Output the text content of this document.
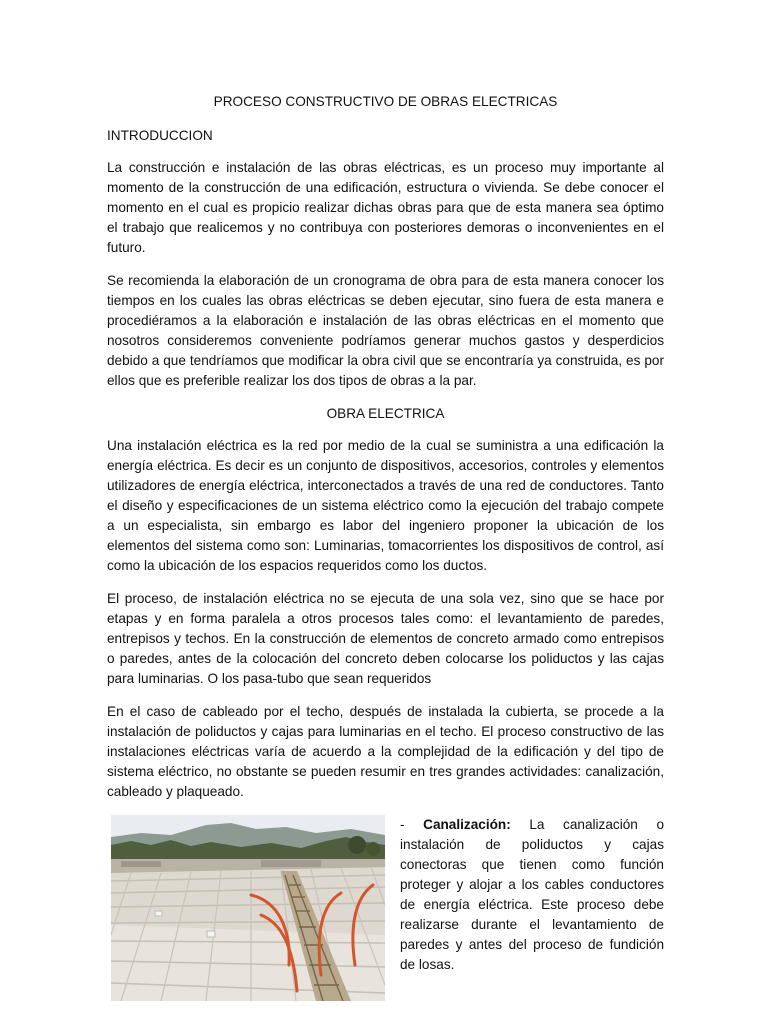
PROCESO CONSTRUCTIVO DE OBRAS ELECTRICAS
INTRODUCCION

La construcción e instalación de las obras eléctricas, es un proceso muy importante al momento de la construcción de una edificación, estructura o vivienda. Se debe conocer el momento en el cual es propicio realizar dichas obras para que de esta manera sea óptimo el trabajo que realicemos y no contribuya con posteriores demoras o inconvenientes en el futuro.

Se recomienda la elaboración de un cronograma de obra para de esta manera conocer los tiempos en los cuales las obras eléctricas se deben ejecutar, sino fuera de esta manera e procediéramos a la elaboración e instalación de las obras eléctricas en el momento que nosotros consideremos conveniente podríamos generar muchos gastos y desperdicios debido a que tendríamos que modificar la obra civil que se encontraría ya construida, es por ellos que es preferible realizar los dos tipos de obras a la par.

OBRA ELECTRICA

Una instalación eléctrica es la red por medio de la cual se suministra a una edificación la energía eléctrica. Es decir es un conjunto de dispositivos, accesorios, controles y elementos utilizadores de energía eléctrica, interconectados a través de una red de conductores. Tanto el diseño y especificaciones de un sistema eléctrico como la ejecución del trabajo compete a un especialista, sin embargo es labor del ingeniero proponer la ubicación de los elementos del sistema como son: Luminarias, tomacorrientes los dispositivos de control, así como la ubicación de los espacios requeridos como los ductos.

El proceso, de instalación eléctrica no se ejecuta de una sola vez, sino que se hace por etapas y en forma paralela a otros procesos tales como: el levantamiento de paredes, entrepisos y techos. En la construcción de elementos de concreto armado como entrepisos o paredes, antes de la colocación del concreto deben colocarse los poliductos y las cajas para luminarias. O los pasa-tubo que sean requeridos

En el caso de cableado por el techo, después de instalada la cubierta, se procede a la instalación de poliductos y cajas para luminarias en el techo. El proceso constructivo de las instalaciones eléctricas varía de acuerdo a la complejidad de la edificación y del tipo de sistema eléctrico, no obstante se pueden resumir en tres grandes actividades: canalización, cableado y plaqueado.

- Canalización: La canalización o instalación de poliductos y cajas conectoras que tienen como función proteger y alojar a los cables conductores de energía eléctrica. Este proceso debe realizarse durante el levantamiento de paredes y antes del proceso de fundición de losas.
